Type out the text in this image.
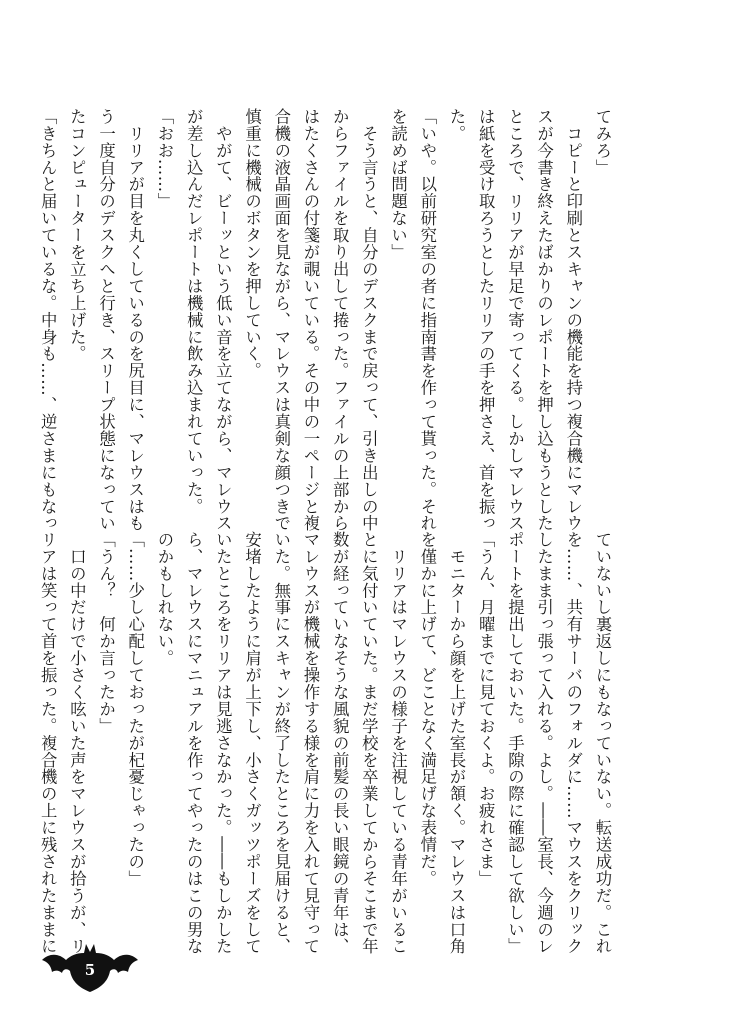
てみろ」
　コピーと印刷とスキャンの機能を持つ複合機にマレウ
スが今書き終えたばかりのレポートを押し込もうとした
ところで、リリアが早足で寄ってくる。しかしマレウス
は紙を受け取ろうとしたリリアの手を押さえ、首を振っ
た。
「いや。以前研究室の者に指南書を作って貰った。それ
を読めば問題ない」
　そう言うと、自分のデスクまで戻って、引き出しの中
からファイルを取り出して捲った。ファイルの上部から
はたくさんの付箋が覗いている。その中の一ページと複
合機の液晶画面を見ながら、マレウスは真剣な顔つきで
慎重に機械のボタンを押していく。
　やがて、ビーッという低い音を立てながら、マレウス
が差し込んだレポートは機械に飲み込まれていった。
「おお……」
　リリアが目を丸くしているのを尻目に、マレウスはも
う一度自分のデスクへと行き、スリープ状態になってい
たコンピューターを立ち上げた。
「きちんと届いているな。中身も……、逆さまにもなっ
ていないし裏返しにもなっていない。転送成功だ。これ
を……、共有サーバのフォルダに……マウスをクリック
したまま引っ張って入れる。よし。――室長、今週のレ
ポートを提出しておいた。手隙の際に確認して欲しい」
「うん、月曜までに見ておくよ。お疲れさま」
　モニターから顔を上げた室長が頷く。マレウスは口角
を僅かに上げて、どことなく満足げな表情だ。
　リリアはマレウスの様子を注視している青年がいるこ
とに気付いていた。まだ学校を卒業してからそこまで年
数が経っていなそうな風貌の前髪の長い眼鏡の青年は、
マレウスが機械を操作する様を肩に力を入れて見守って
いた。無事にスキャンが終了したところを見届けると、
安堵したように肩が上下し、小さくガッツポーズをして
いたところをリリアは見逃さなかった。――もしかした
ら、マレウスにマニュアルを作ってやったのはこの男な
のかもしれない。
「……少し心配しておったが杞憂じゃったの」
「うん？　何か言ったか」
　口の中だけで小さく呟いた声をマレウスが拾うが、リ
リアは笑って首を振った。複合機の上に残されたままに
5
